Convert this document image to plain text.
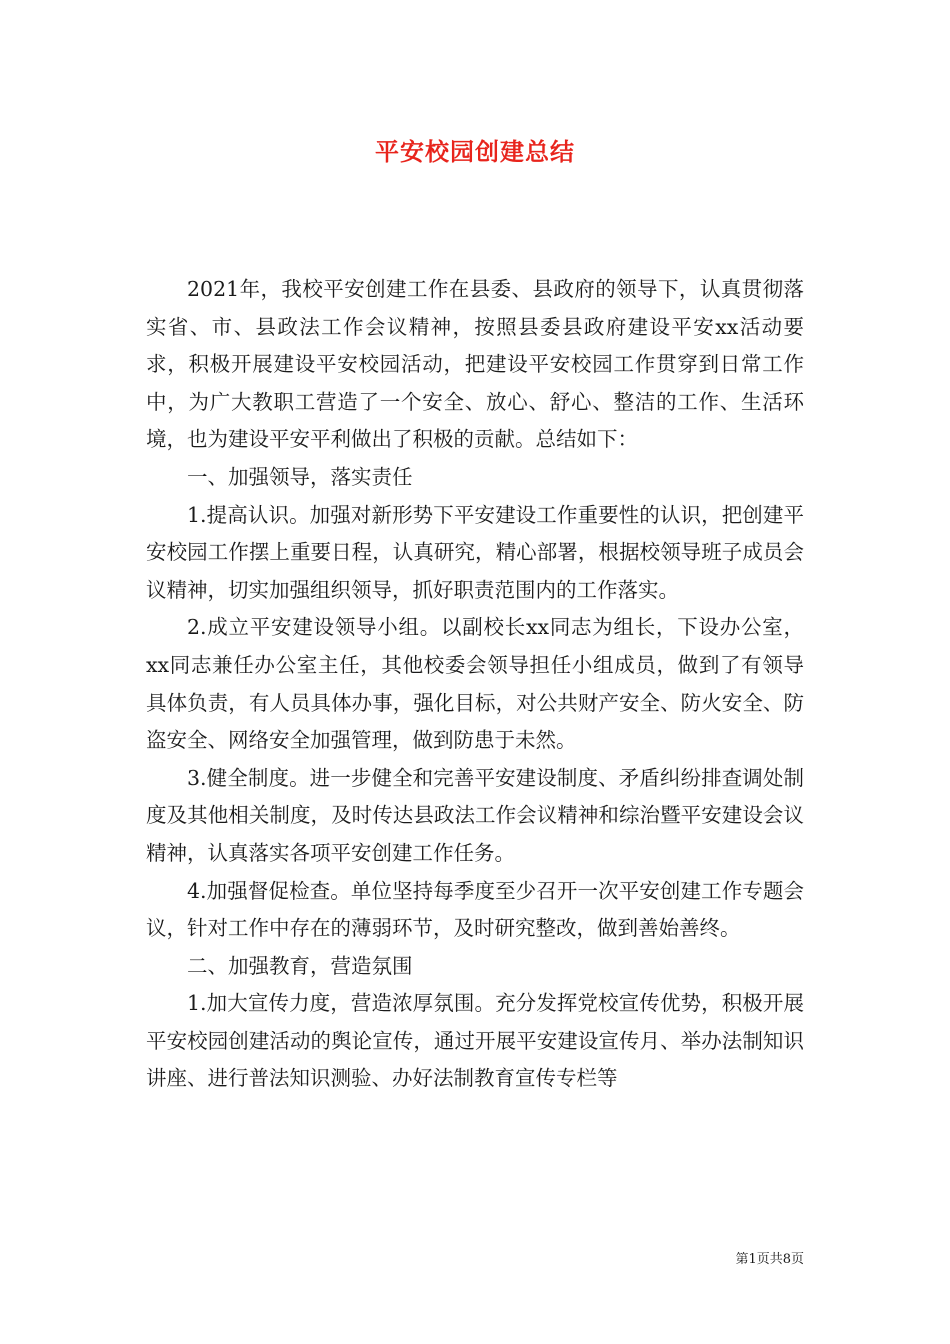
平安校园创建总结

2021年，我校平安创建工作在县委、县政府的领导下，认真贯彻落实省、市、县政法工作会议精神，按照县委县政府建设平安xx活动要求，积极开展建设平安校园活动，把建设平安校园工作贯穿到日常工作中，为广大教职工营造了一个安全、放心、舒心、整洁的工作、生活环境，也为建设平安平利做出了积极的贡献。总结如下：

一、加强领导，落实责任

1.提高认识。加强对新形势下平安建设工作重要性的认识，把创建平安校园工作摆上重要日程，认真研究，精心部署，根据校领导班子成员会议精神，切实加强组织领导，抓好职责范围内的工作落实。

2.成立平安建设领导小组。以副校长xx同志为组长，下设办公室，xx同志兼任办公室主任，其他校委会领导担任小组成员，做到了有领导具体负责，有人员具体办事，强化目标，对公共财产安全、防火安全、防盗安全、网络安全加强管理，做到防患于未然。

3.健全制度。进一步健全和完善平安建设制度、矛盾纠纷排查调处制度及其他相关制度，及时传达县政法工作会议精神和综治暨平安建设会议精神，认真落实各项平安创建工作任务。

4.加强督促检查。单位坚持每季度至少召开一次平安创建工作专题会议，针对工作中存在的薄弱环节，及时研究整改，做到善始善终。

二、加强教育，营造氛围

1.加大宣传力度，营造浓厚氛围。充分发挥党校宣传优势，积极开展平安校园创建活动的舆论宣传，通过开展平安建设宣传月、举办法制知识讲座、进行普法知识测验、办好法制教育宣传专栏等

第1页共8页
